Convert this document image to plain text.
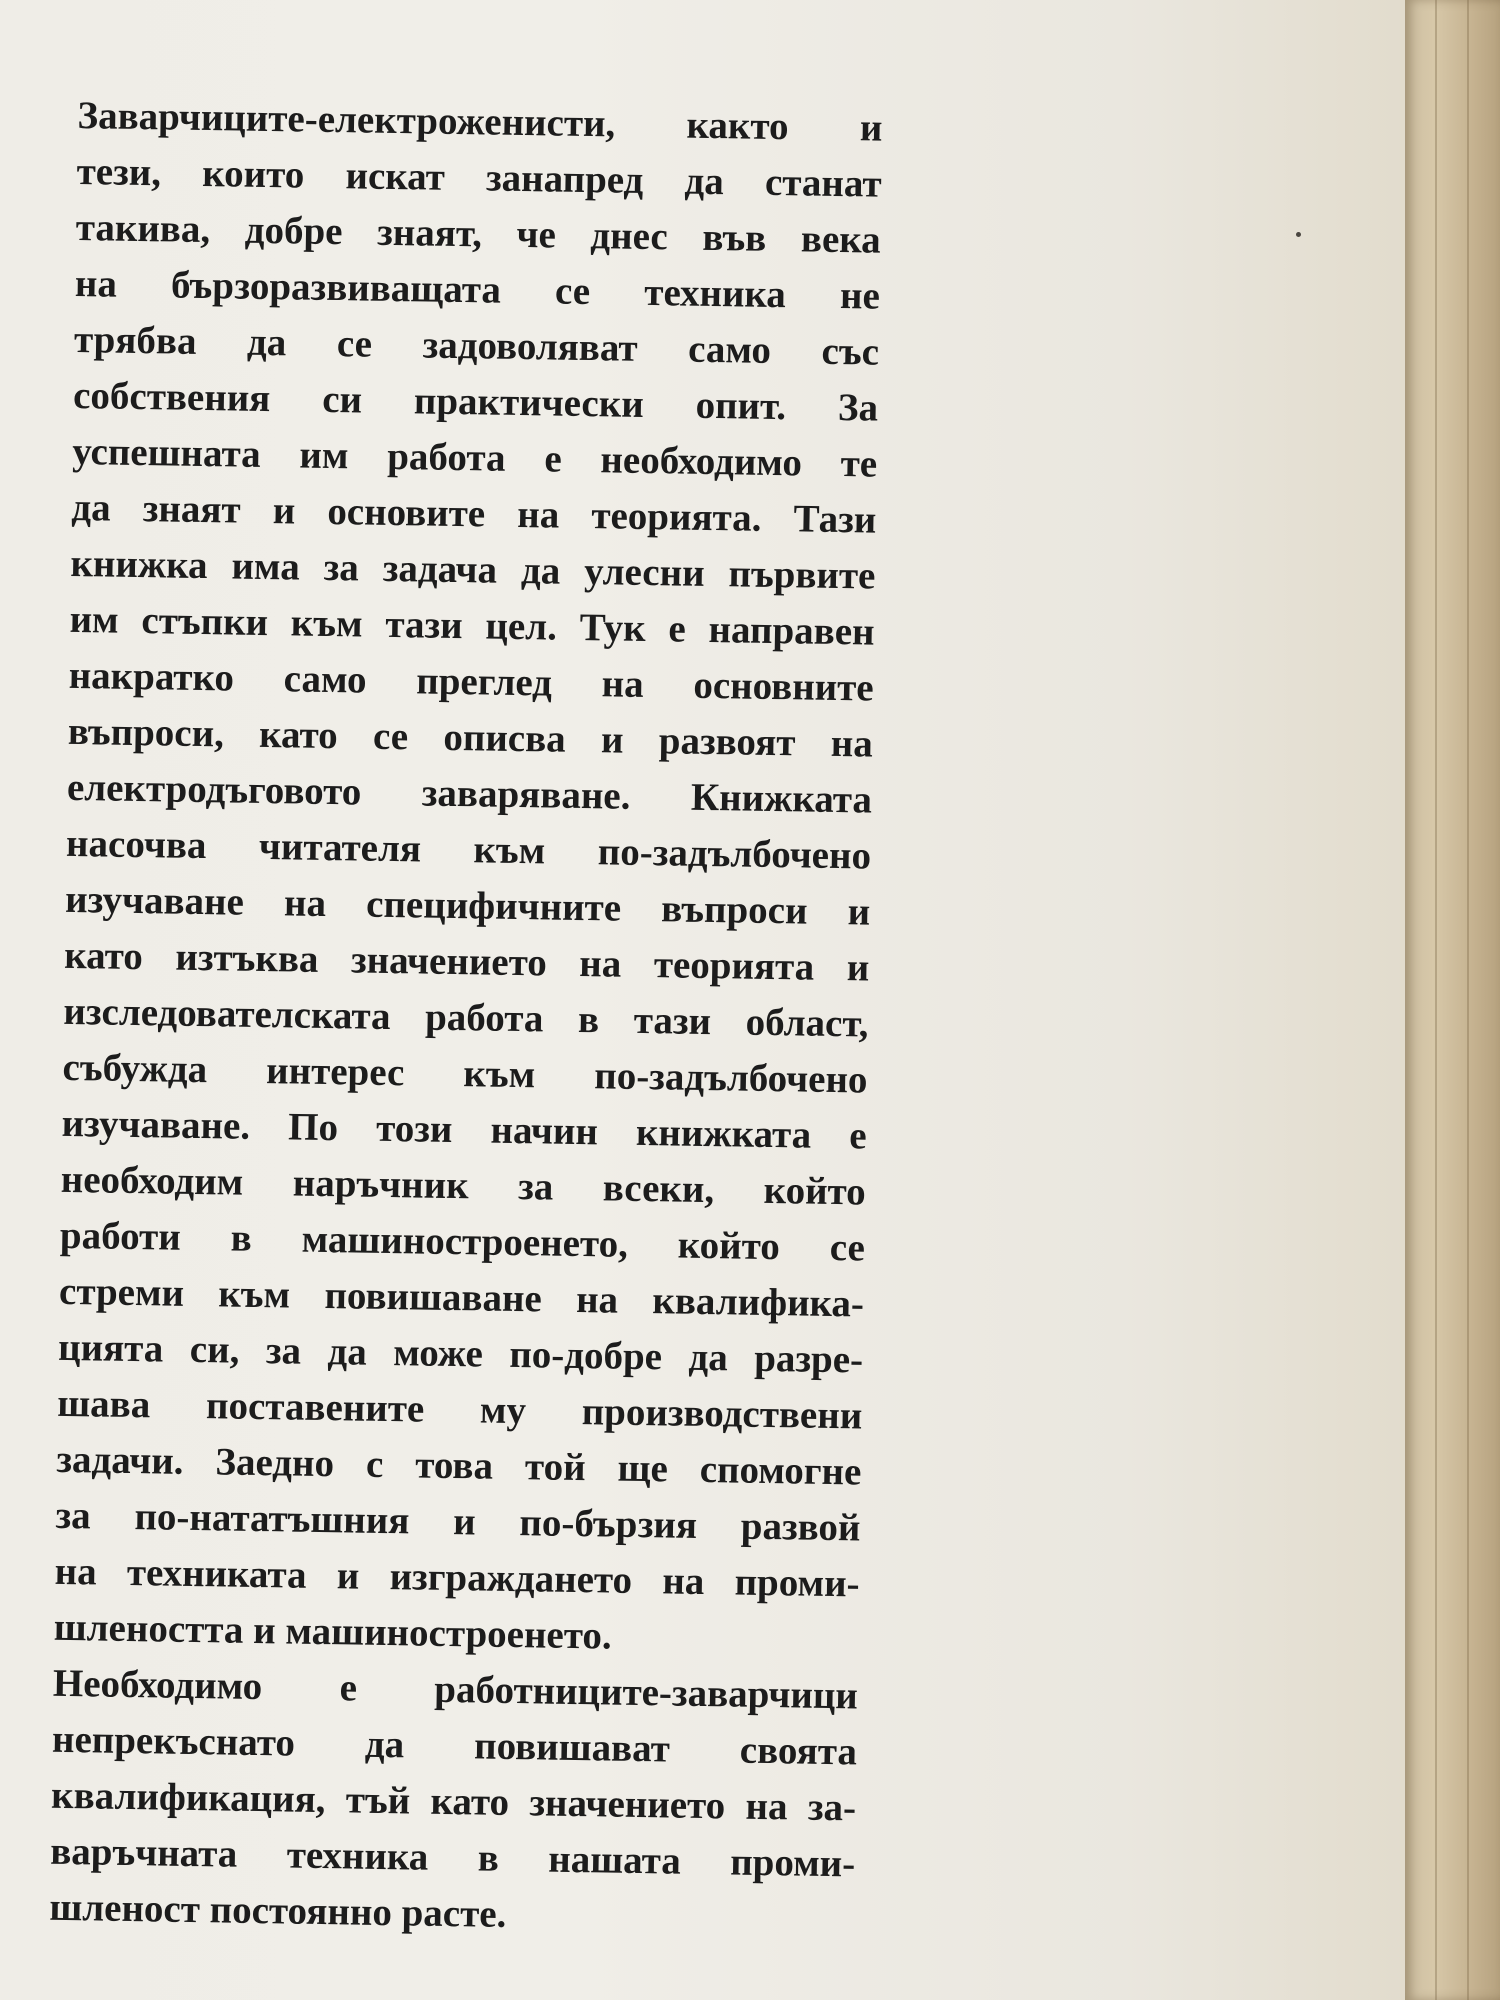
Заварчиците-електроженисти, както и
тези, които искат занапред да станат
такива, добре знаят, че днес във века
на бързоразвиващата се техника не
трябва да се задоволяват само със
собствения си практически опит. За
успешната им работа е необходимо те
да знаят и основите на теорията. Тази
книжка има за задача да улесни първите
им стъпки към тази цел. Тук е направен
накратко само преглед на основните
въпроси, като се описва и развоят на
електродъговото заваряване. Книжката
насочва читателя към по-задълбочено
изучаване на специфичните въпроси и
като изтъква значението на теорията и
изследователската работа в тази област,
събужда интерес към по-задълбочено
изучаване. По този начин книжката е
необходим наръчник за всеки, който
работи в машиностроенето, който се
стреми към повишаване на квалифика-
цията си, за да може по-добре да разре-
шава поставените му производствени
задачи. Заедно с това той ще спомогне
за по-нататъшния и по-бързия развой
на техниката и изграждането на проми-
шлеността и машиностроенето.
Необходимо е работниците-заварчици
непрекъснато да повишават своята
квалификация, тъй като значението на за-
варъчната техника в нашата проми-
шленост постоянно расте.
